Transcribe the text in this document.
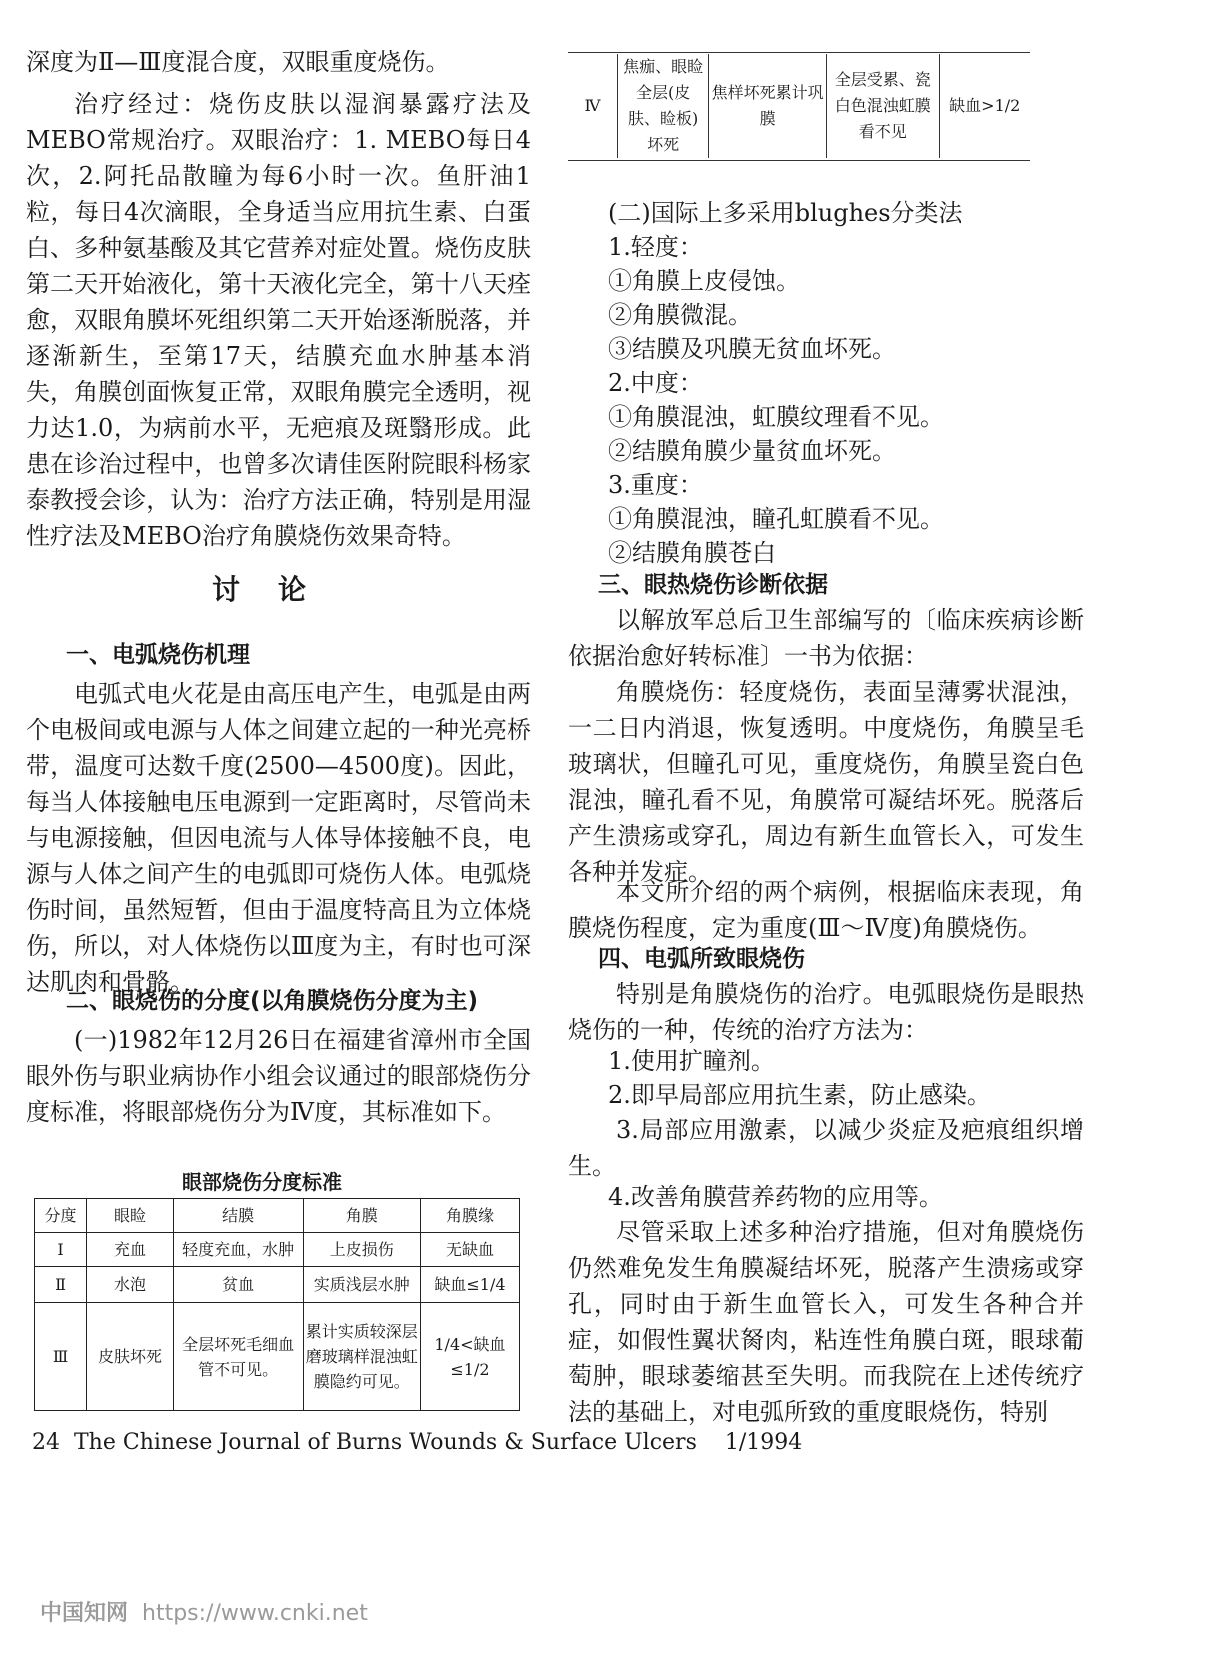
深度为Ⅱ—Ⅲ度混合度，双眼重度烧伤。

治疗经过：烧伤皮肤以湿润暴露疗法及MEBO常规治疗。双眼治疗：1. MEBO每日4次，2.阿托品散瞳为每6小时一次。鱼肝油1粒，每日4次滴眼，全身适当应用抗生素、白蛋白、多种氨基酸及其它营养对症处置。烧伤皮肤第二天开始液化，第十天液化完全，第十八天痊愈，双眼角膜坏死组织第二天开始逐渐脱落，并逐渐新生，至第17天，结膜充血水肿基本消失，角膜创面恢复正常，双眼角膜完全透明，视力达1.0，为病前水平，无疤痕及斑翳形成。此患在诊治过程中，也曾多次请佳医附院眼科杨家泰教授会诊，认为：治疗方法正确，特别是用湿性疗法及MEBO治疗角膜烧伤效果奇特。

讨论
一、电弧烧伤机理

电弧式电火花是由高压电产生，电弧是由两个电极间或电源与人体之间建立起的一种光亮桥带，温度可达数千度(2500—4500度)。因此，每当人体接触电压电源到一定距离时，尽管尚未与电源接触，但因电流与人体导体接触不良，电源与人体之间产生的电弧即可烧伤人体。电弧烧伤时间，虽然短暂，但由于温度特高且为立体烧伤，所以，对人体烧伤以Ⅲ度为主，有时也可深达肌肉和骨骼。

二、眼烧伤的分度(以角膜烧伤分度为主)

(一)1982年12月26日在福建省漳州市全国眼外伤与职业病协作小组会议通过的眼部烧伤分度标准，将眼部烧伤分为Ⅳ度，其标准如下。

眼部烧伤分度标准
分度	眼睑	结膜	角膜	角膜缘
Ⅰ	充血	轻度充血，水肿	上皮损伤	无缺血
Ⅱ	水泡	贫血	实质浅层水肿	缺血≤1/4
Ⅲ	皮肤坏死	全层坏死毛细血管不可见。	累计实质较深层磨玻璃样混浊虹膜隐约可见。	1/4<缺血≤1/2
Ⅳ	焦痂、眼睑全层(皮肤、睑板)坏死	焦样坏死累计巩膜	全层受累、瓷白色混浊虹膜看不见	缺血>1/2
(二)国际上多采用blughes分类法
1.轻度：
①角膜上皮侵蚀。
②角膜微混。
③结膜及巩膜无贫血坏死。
2.中度：
①角膜混浊，虹膜纹理看不见。
②结膜角膜少量贫血坏死。
3.重度：
①角膜混浊，瞳孔虹膜看不见。
②结膜角膜苍白
三、眼热烧伤诊断依据

以解放军总后卫生部编写的〔临床疾病诊断依据治愈好转标准〕一书为依据：

角膜烧伤：轻度烧伤，表面呈薄雾状混浊，一二日内消退，恢复透明。中度烧伤，角膜呈毛玻璃状，但瞳孔可见，重度烧伤，角膜呈瓷白色混浊，瞳孔看不见，角膜常可凝结坏死。脱落后产生溃疡或穿孔，周边有新生血管长入，可发生各种并发症。

本文所介绍的两个病例，根据临床表现，角膜烧伤程度，定为重度(Ⅲ～Ⅳ度)角膜烧伤。

四、电弧所致眼烧伤

特别是角膜烧伤的治疗。电弧眼烧伤是眼热烧伤的一种，传统的治疗方法为：

1.使用扩瞳剂。
2.即早局部应用抗生素，防止感染。

3.局部应用激素，以减少炎症及疤痕组织增生。

4.改善角膜营养药物的应用等。

尽管采取上述多种治疗措施，但对角膜烧伤仍然难免发生角膜凝结坏死，脱落产生溃疡或穿孔，同时由于新生血管长入，可发生各种合并症，如假性翼状胬肉，粘连性角膜白斑，眼球葡萄肿，眼球萎缩甚至失明。而我院在上述传统疗法的基础上，对电弧所致的重度眼烧伤，特别

24 The Chinese Journal of Burns Wounds & Surface Ulcers 1/1994
中国知网 https://www.cnki.net
